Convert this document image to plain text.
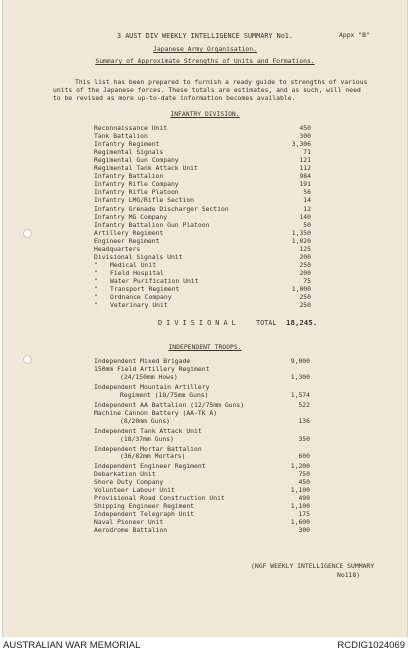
Appx "B"
3 AUST DIV WEEKLY INTELLIGENCE SUMMARY No1.
Japanese Army Organisation.
Summary of Approximate Strengths of Units and Formations.
This list has been prepared to furnish a ready guide to strengths of various
units of the Japanese forces. These totals are estimates, and as such, will need
to be revised as more up-to-date information becomes available.
INFANTRY DIVISION.
Reconnaissance Unit	450
Tank Battalion	300
Infantry Regiment	3,306
Regimental Signals	71
Regimental Gun Company	121
Regimental Tank Attack Unit	112
Infantry Battalion	984
Infantry Rifle Company	191
Infantry Rifle Platoon	56
Infantry LMG/Rifle Section	14
Infantry Grenade Discharger Section	12
Infantry MG Company	140
Infantry Battalion Gun Platoon	50
Artillery Regiment	1,350
Engineer Regiment	1,020
Headquarters	125
Divisional Signals Unit	200
" Medical Unit	250
" Field Hospital	200
" Water Purification Unit	75
" Transport Regiment	1,000
" Ordnance Company	250
" Veterinary Unit	250
D I V I S I O N A L	TOTAL 18,245.
INDEPENDENT TROOPS.
Independent Mixed Brigade	9,000
150mm Field Artillery Regiment
(24/150mm Hows)	1,300
Independent Mountain Artillery
Regiment (18/75mm Guns)	1,574
Independent AA Battalion (12/75mm Guns)	522
Machine Cannon Battery (AA-TK A)
(8/20mm Guns)	136
Independent Tank Attack Unit
(18/37mm Guns)	350
Independent Mortar Battalion
(36/82mm Mortars)	600
Independent Engineer Regiment	1,200
Debarkation Unit	750
Shore Duty Company	450
Volunteer Labour Unit	1,100
Provisional Road Construction Unit	490
Shipping Engineer Regiment	1,100
Independent Telegraph Unit	175
Naval Pioneer Unit	1,600
Aerodrome Battalion	300
(NGF WEEKLY INTELLIGENCE SUMMARY
No118)
AUSTRALIAN WAR MEMORIAL	RCDIG1024069
